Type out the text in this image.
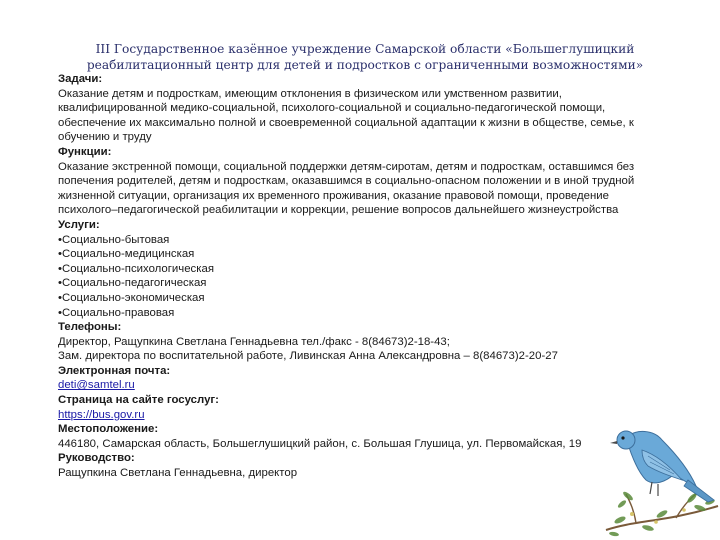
III Государственное казённое учреждение Самарской области «Большеглушицкий реабилитационный центр для детей и подростков с ограниченными возможностями»
Задачи:

Оказание детям и подросткам, имеющим отклонения в физическом или умственном развитии, квалифицированной медико-социальной, психолого-социальной и социально-педагогической помощи, обеспечение их максимально полной и своевременной социальной адаптации к жизни в обществе, семье, к обучению и труду

Функции:

Оказание экстренной помощи, социальной поддержки детям-сиротам, детям и подросткам, оставшимся без попечения родителей, детям и подросткам, оказавшимся в социально-опасном положении и в иной трудной жизненной ситуации, организация их временного проживания, оказание правовой помощи, проведение психолого–педагогической реабилитации и коррекции, решение вопросов дальнейшего жизнеустройства

Услуги:
• Социально-бытовая
• Социально-медицинская
• Социально-психологическая
• Социально-педагогическая
• Социально-экономическая
• Социально-правовая
Телефоны:

Директор, Ращупкина Светлана Геннадьевна тел./факс - 8(84673)2-18-43;

Зам. директора по воспитательной работе, Ливинская Анна Александровна – 8(84673)2-20-27

Электронная почта:
deti@samtel.ru
Страница на сайте госуслуг:
https://bus.gov.ru
Местоположение:

446180, Самарская область, Большеглушицкий район, с. Большая Глушица, ул. Первомайская, 19

Руководство:

Ращупкина Светлана Геннадьевна, директор
